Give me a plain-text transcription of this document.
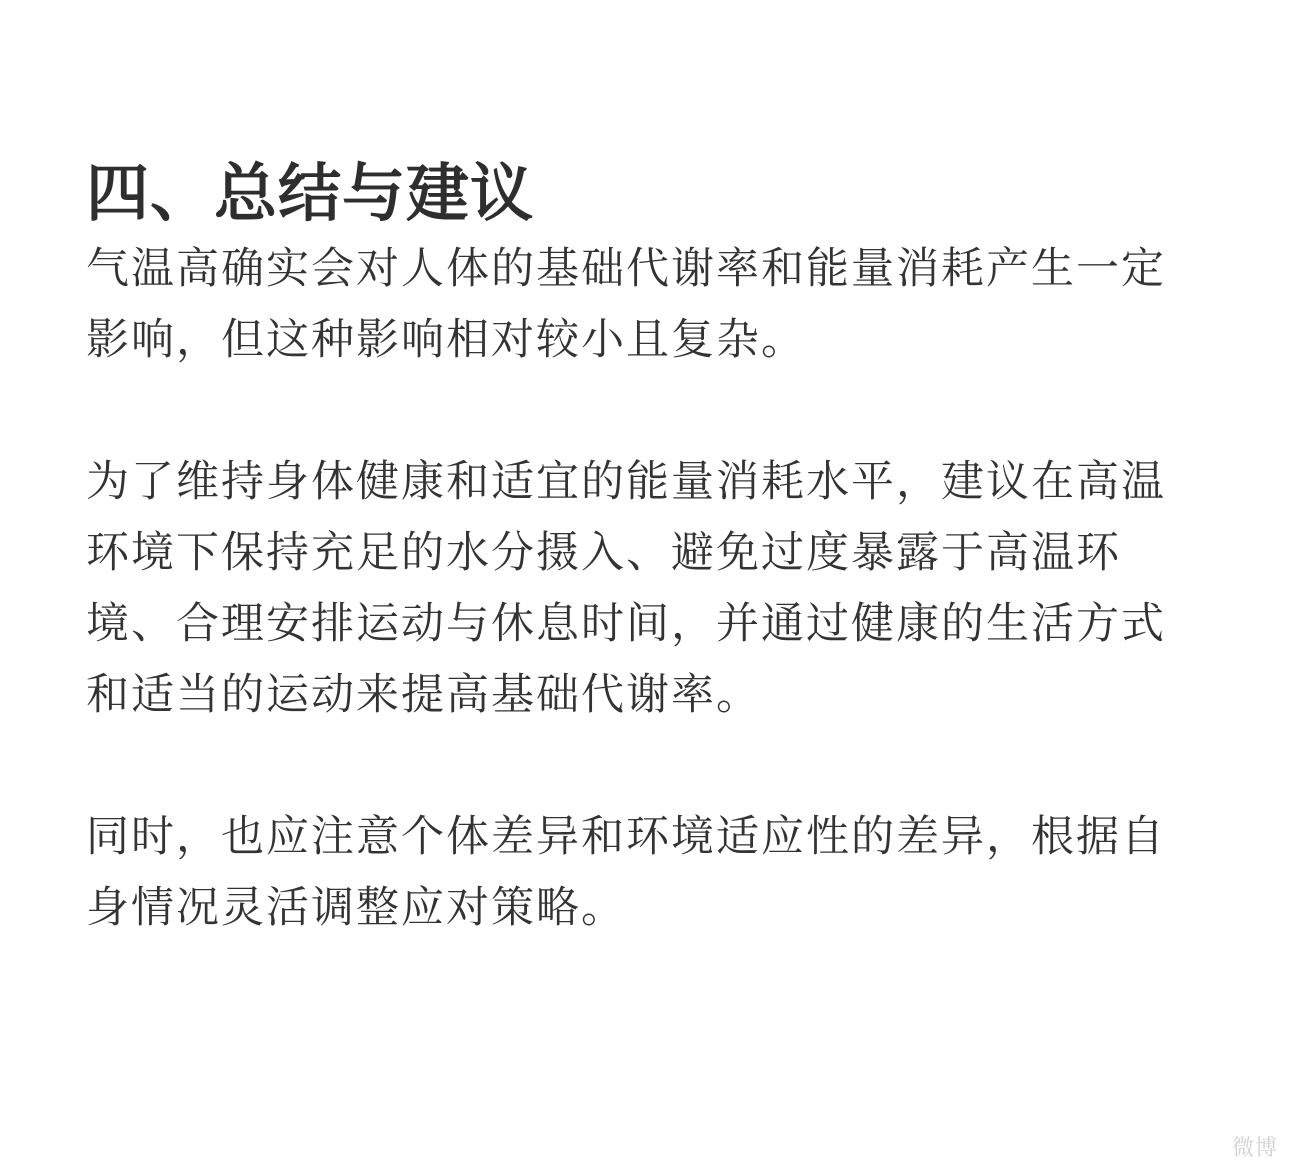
四、总结与建议

气温高确实会对人体的基础代谢率和能量消耗产生一定影响，但这种影响相对较小且复杂。

为了维持身体健康和适宜的能量消耗水平，建议在高温环境下保持充足的水分摄入、避免过度暴露于高温环境、合理安排运动与休息时间，并通过健康的生活方式和适当的运动来提高基础代谢率。

同时，也应注意个体差异和环境适应性的差异，根据自身情况灵活调整应对策略。

微博
